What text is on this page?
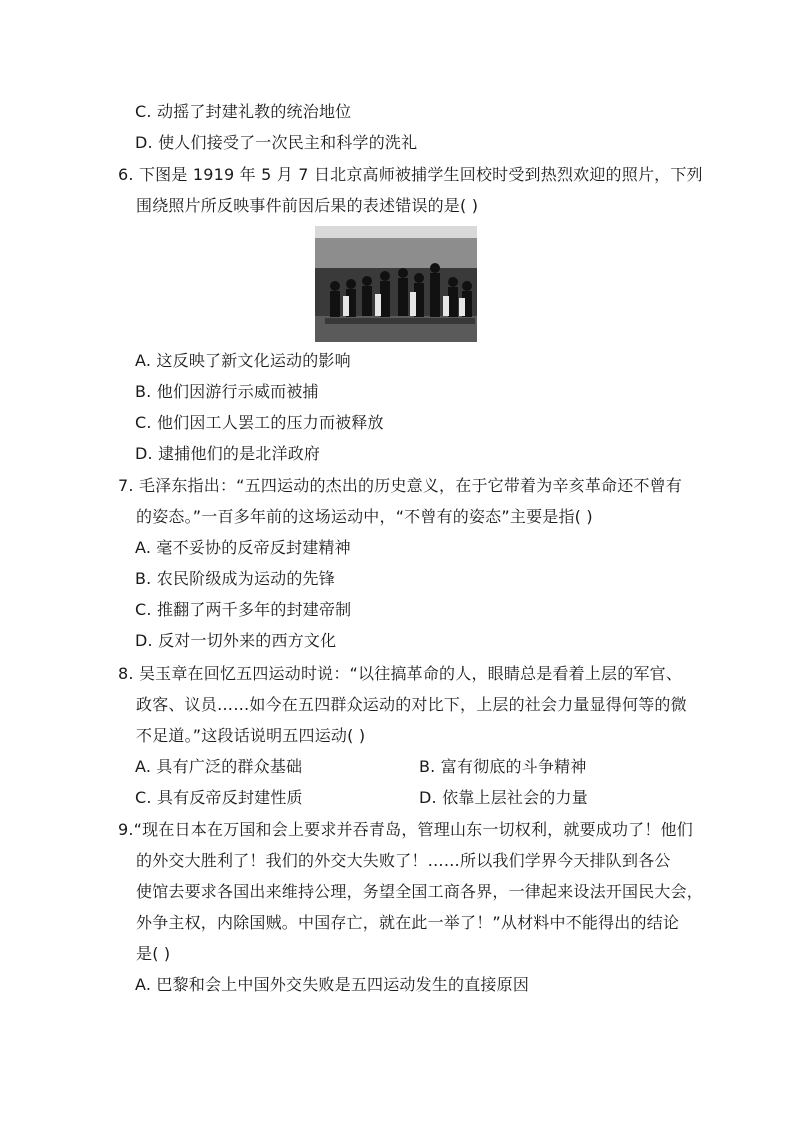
C. 动摇了封建礼教的统治地位
D. 使人们接受了一次民主和科学的洗礼
6. 下图是 1919 年 5 月 7 日北京高师被捕学生回校时受到热烈欢迎的照片，下列
围绕照片所反映事件前因后果的表述错误的是( )
A. 这反映了新文化运动的影响
B. 他们因游行示威而被捕
C. 他们因工人罢工的压力而被释放
D. 逮捕他们的是北洋政府
7. 毛泽东指出：“五四运动的杰出的历史意义，在于它带着为辛亥革命还不曾有
的姿态。”一百多年前的这场运动中，“不曾有的姿态”主要是指( )
A. 毫不妥协的反帝反封建精神
B. 农民阶级成为运动的先锋
C. 推翻了两千多年的封建帝制
D. 反对一切外来的西方文化
8. 吴玉章在回忆五四运动时说：“以往搞革命的人，眼睛总是看着上层的军官、
政客、议员……如今在五四群众运动的对比下，上层的社会力量显得何等的微
不足道。”这段话说明五四运动( )
A. 具有广泛的群众基础	B. 富有彻底的斗争精神
C. 具有反帝反封建性质	D. 依靠上层社会的力量
9.“现在日本在万国和会上要求并吞青岛，管理山东一切权利，就要成功了！他们
的外交大胜利了！我们的外交大失败了！……所以我们学界今天排队到各公
使馆去要求各国出来维持公理，务望全国工商各界，一律起来设法开国民大会，
外争主权，内除国贼。中国存亡，就在此一举了！”从材料中不能得出的结论
是( )
A. 巴黎和会上中国外交失败是五四运动发生的直接原因
